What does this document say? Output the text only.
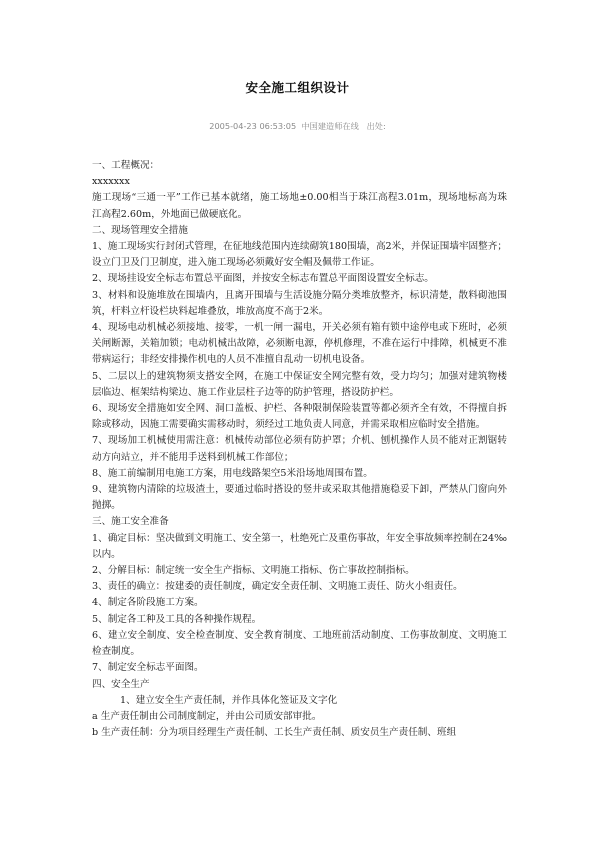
安全施工组织设计
2005-04-23 06:53:05 中国建造师在线 出处:

一、工程概况：

xxxxxxx

施工现场“三通一平”工作已基本就绪，施工场地±0.00相当于珠江高程3.01m，现场地标高为珠江高程2.60m，外地面已做硬底化。

二、现场管理安全措施

1、施工现场实行封闭式管理，在征地线范围内连续砌筑180围墙，高2米，并保证围墙牢固整齐；设立门卫及门卫制度，进入施工现场必须戴好安全帽及佩带工作证。

2、现场挂设安全标志布置总平面图，并按安全标志布置总平面图设置安全标志。

3、材料和设施堆放在围墙内，且离开围墙与生活设施分隔分类堆放整齐，标识清楚，散料砌池围筑，杆料立杆设栏块料起堆叠放，堆放高度不高于2米。

4、现场电动机械必须接地、接零，一机一闸一漏电，开关必须有箱有锁中途停电或下班时，必须关闸断源，关箱加锁；电动机械出故障，必须断电源，停机修理，不准在运行中排障，机械更不准带病运行；非经安排操作机电的人员不准擅自乱动一切机电设备。

5、二层以上的建筑物须支搭安全网，在施工中保证安全网完整有效，受力均匀；加强对建筑物楼层临边、框架结构梁边、施工作业层柱子边等的防护管理，搭设防护栏。

6、现场安全措施如安全网、洞口盖板、护栏、各种限制保险装置等都必须齐全有效，不得擅自拆除或移动，因施工需要确实需移动时，须经过工地负责人同意，并需采取相应临时安全措施。

7、现场加工机械使用需注意：机械传动部位必须有防护罩；介机、刨机操作人员不能对正割锯转动方向站立，并不能用手送料到机械工作部位；

8、施工前编制用电施工方案，用电线路架空5米沿场地周围布置。

9、建筑物内清除的垃圾渣土，要通过临时搭设的竖井或采取其他措施稳妥下卸，严禁从门窗向外抛掷。

三、施工安全准备

1、确定目标：坚决做到文明施工、安全第一，杜绝死亡及重伤事故，年安全事故频率控制在24‰以内。

2、分解目标：制定统一安全生产指标、文明施工指标、伤亡事故控制指标。

3、责任的确立：按建委的责任制度，确定安全责任制、文明施工责任、防火小组责任。

4、制定各阶段施工方案。

5、制定各工种及工具的各种操作规程。

6、建立安全制度、安全检查制度、安全教育制度、工地班前活动制度、工伤事故制度、文明施工检查制度。

7、制定安全标志平面图。

四、安全生产

1、建立安全生产责任制，并作具体化签证及文字化

a 生产责任制由公司制度制定，并由公司质安部审批。

b 生产责任制：分为项目经理生产责任制、工长生产责任制、质安员生产责任制、班组
